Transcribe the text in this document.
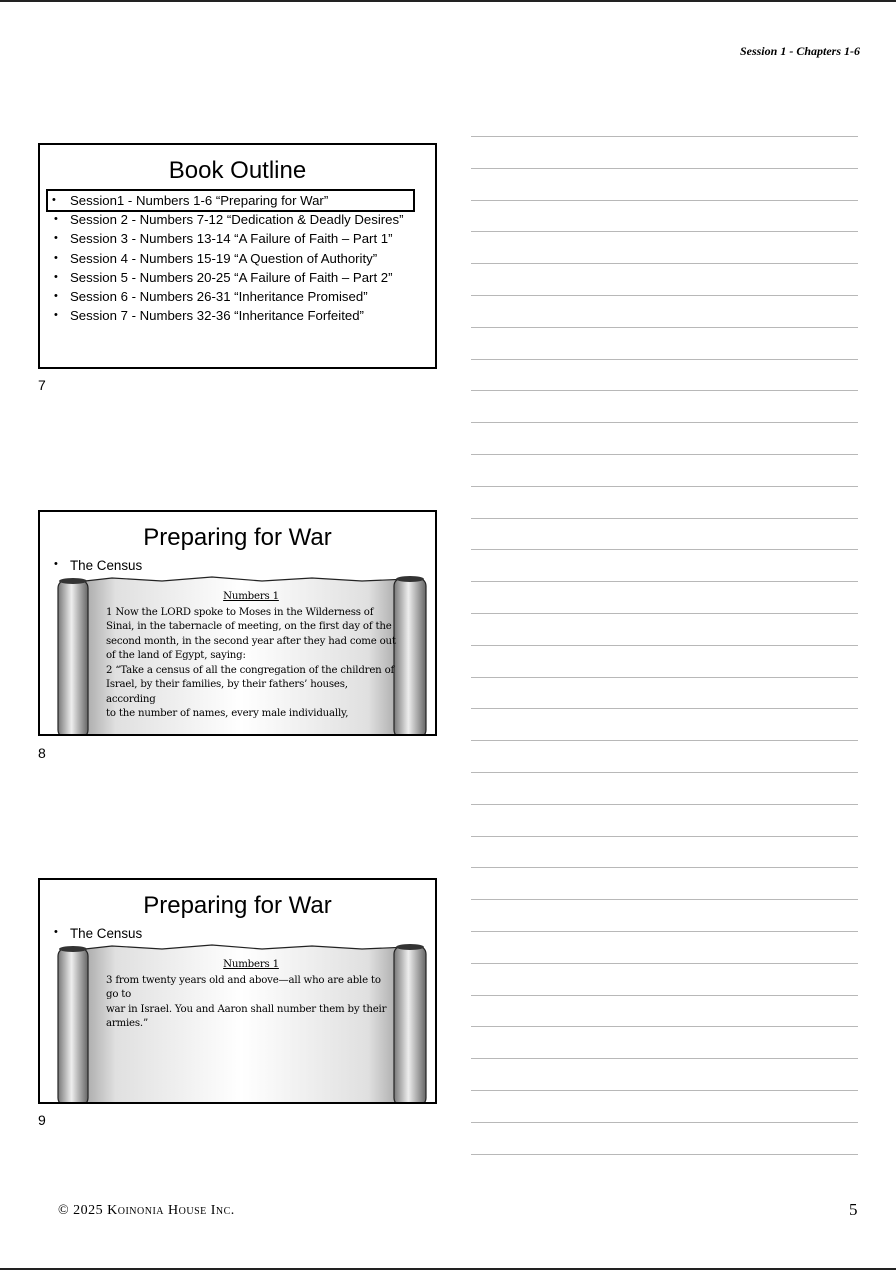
Session 1 - Chapters 1-6
Book Outline
• Session1 - Numbers 1-6 “Preparing for War”
• Session 2 - Numbers 7-12 “Dedication & Deadly Desires”
• Session 3 - Numbers 13-14 “A Failure of Faith – Part 1”
• Session 4 - Numbers 15-19 “A Question of Authority”
• Session 5 - Numbers 20-25 “A Failure of Faith – Part 2”
• Session 6 - Numbers 26-31 “Inheritance Promised”
• Session 7 - Numbers 32-36 “Inheritance Forfeited”
7
Preparing for War
• The Census
Numbers 1
1 Now the LORD spoke to Moses in the Wilderness of
Sinai, in the tabernacle of meeting, on the first day of the
second month, in the second year after they had come out
of the land of Egypt, saying:
2 “Take a census of all the congregation of the children of
Israel, by their families, by their fathers’ houses, according
to the number of names, every male individually,
8
Preparing for War
• The Census
Numbers 1
3 from twenty years old and above—all who are able to go to
war in Israel. You and Aaron shall number them by their
armies.”
9
© 2025 Koinonia House Inc.	5
